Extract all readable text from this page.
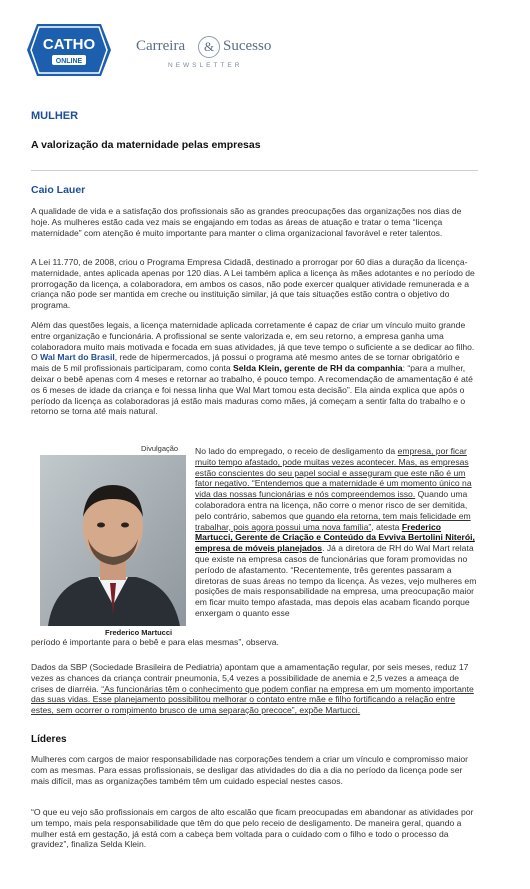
CATHO
ONLINE
Carreira	& Sucesso
NEWSLETTER
MULHER
A valorização da maternidade pelas empresas
Caio Lauer

A qualidade de vida e a satisfação dos profissionais são as grandes preocupações das organizações nos dias de hoje. As mulheres estão cada vez mais se engajando em todas as áreas de atuação e tratar o tema “licença maternidade” com atenção é muito importante para manter o clima organizacional favorável e reter talentos.

A Lei 11.770, de 2008, criou o Programa Empresa Cidadã, destinado a prorrogar por 60 dias a duração da licença-maternidade, antes aplicada apenas por 120 dias. A Lei também aplica a licença às mães adotantes e no período de prorrogação da licença, a colaboradora, em ambos os casos, não pode exercer qualquer atividade remunerada e a criança não pode ser mantida em creche ou instituição similar, já que tais situações estão contra o objetivo do programa.

Além das questões legais, a licença maternidade aplicada corretamente é capaz de criar um vínculo muito grande entre organização e funcionária. A profissional se sente valorizada e, em seu retorno, a empresa ganha uma colaboradora muito mais motivada e focada em suas atividades, já que teve tempo o suficiente a se dedicar ao filho. O Wal Mart do Brasil, rede de hipermercados, já possui o programa até mesmo antes de se tornar obrigatório e mais de 5 mil profissionais participaram, como conta Selda Klein, gerente de RH da companhia: “para a mulher, deixar o bebê apenas com 4 meses e retornar ao trabalho, é pouco tempo. A recomendação de amamentação é até os 6 meses de idade da criança e foi nessa linha que Wal Mart tomou esta decisão”. Ela ainda explica que após o período da licença as colaboradoras já estão mais maduras como mães, já começam a sentir falta do trabalho e o retorno se torna até mais natural.

Divulgação
Frederico Martucci

No lado do empregado, o receio de desligamento da empresa, por ficar muito tempo afastado, pode muitas vezes acontecer. Mas, as empresas estão conscientes do seu papel social e asseguram que este não é um fator negativo. “Entendemos que a maternidade é um momento único na vida das nossas funcionárias e nós compreendemos isso. Quando uma colaboradora entra na licença, não corre o menor risco de ser demitida, pelo contrário, sabemos que quando ela retorna, tem mais felicidade em trabalhar, pois agora possui uma nova família”, atesta Frederico Martucci, Gerente de Criação e Conteúdo da Evviva Bertolini Niterói, empresa de móveis planejados. Já a diretora de RH do Wal Mart relata que existe na empresa casos de funcionárias que foram promovidas no período de afastamento. “Recentemente, três gerentes passaram a diretoras de suas áreas no tempo da licença. Às vezes, vejo mulheres em posições de mais responsabilidade na empresa, uma preocupação maior em ficar muito tempo afastada, mas depois elas acabam ficando porque enxergam o quanto esse

período é importante para o bebê e para elas mesmas”, observa.

Dados da SBP (Sociedade Brasileira de Pediatria) apontam que a amamentação regular, por seis meses, reduz 17 vezes as chances da criança contrair pneumonia, 5,4 vezes a possibilidade de anemia e 2,5 vezes a ameaça de crises de diarréia. “As funcionárias têm o conhecimento que podem confiar na empresa em um momento importante das suas vidas. Esse planejamento possibilitou melhorar o contato entre mãe e filho fortificando a relação entre estes, sem ocorrer o rompimento brusco de uma separação precoce”, expõe Martucci.

Líderes

Mulheres com cargos de maior responsabilidade nas corporações tendem a criar um vínculo e compromisso maior com as mesmas. Para essas profissionais, se desligar das atividades do dia a dia no período da licença pode ser mais difícil, mas as organizações também têm um cuidado especial nestes casos.

“O que eu vejo são profissionais em cargos de alto escalão que ficam preocupadas em abandonar as atividades por um tempo, mais pela responsabilidade que têm do que pelo receio de desligamento. De maneira geral, quando a mulher está em gestação, já está com a cabeça bem voltada para o cuidado com o filho e todo o processo da gravidez”, finaliza Selda Klein.
